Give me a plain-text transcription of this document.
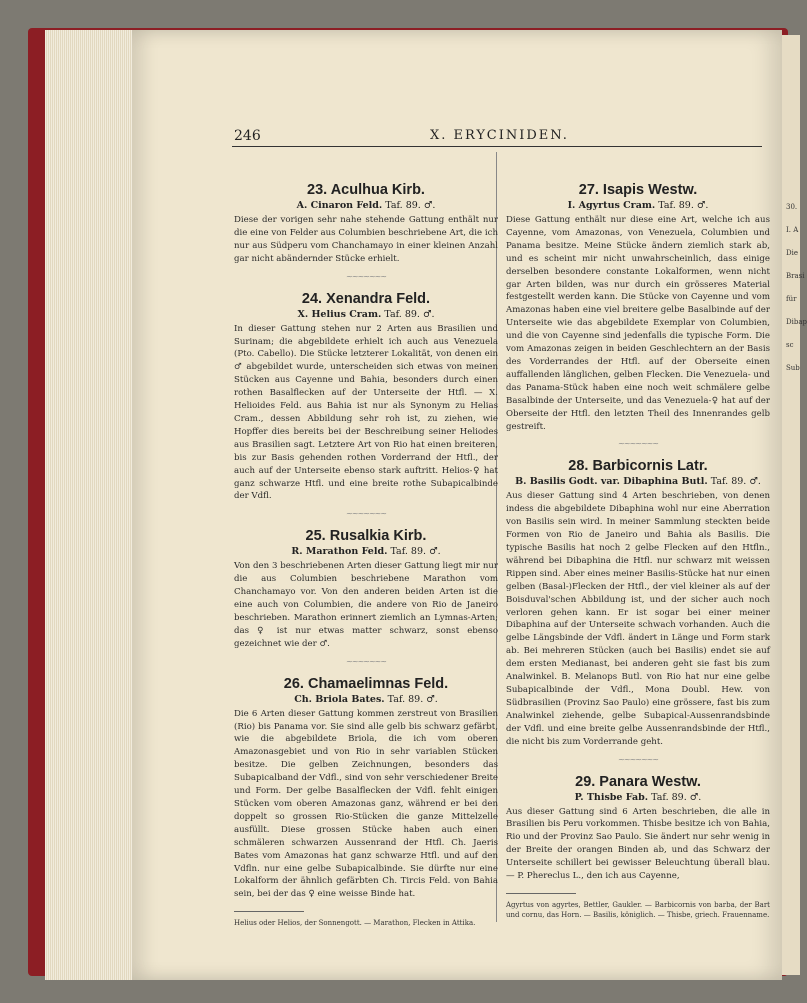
30.
I. A
Die
Brasi
für
Dibap
sc
Sub
246	X. ERYCINIDEN.
23. Aculhua Kirb.

A. Cinaron Feld. Taf. 89. ♂.

Diese der vorigen sehr nahe stehende Gattung enthält nur die eine von Felder aus Columbien beschriebene Art, die ich nur aus Südperu vom Chanchamayo in einer kleinen Anzahl gar nicht abändernder Stücke erhielt.

~~~~~~~
24. Xenandra Feld.

X. Helius Cram. Taf. 89. ♂.

In dieser Gattung stehen nur 2 Arten aus Brasilien und Surinam; die abgebildete erhielt ich auch aus Venezuela (Pto. Cabello). Die Stücke letzterer Lokalität, von denen ein ♂ abgebildet wurde, unterscheiden sich etwas von meinen Stücken aus Cayenne und Bahia, besonders durch einen rothen Basalflecken auf der Unterseite der Htfl. — X. Helioides Feld. aus Bahia ist nur als Synonym zu Helias Cram., dessen Abbildung sehr roh ist, zu ziehen, wie Hopffer dies bereits bei der Beschreibung seiner Heliodes aus Brasilien sagt. Letztere Art von Rio hat einen breiteren, bis zur Basis gehenden rothen Vorderrand der Htfl., der auch auf der Unterseite ebenso stark auftritt. Helios-♀ hat ganz schwarze Htfl. und eine breite rothe Subapicalbinde der Vdfl.

~~~~~~~
25. Rusalkia Kirb.

R. Marathon Feld. Taf. 89. ♂.

Von den 3 beschriebenen Arten dieser Gattung liegt mir nur die aus Columbien beschriebene Marathon vom Chanchamayo vor. Von den anderen beiden Arten ist die eine auch von Columbien, die andere von Rio de Janeiro beschrieben. Marathon erinnert ziemlich an Lymnas-Arten; das ♀ ist nur etwas matter schwarz, sonst ebenso gezeichnet wie der ♂.

~~~~~~~
26. Chamaelimnas Feld.

Ch. Briola Bates. Taf. 89. ♂.

Die 6 Arten dieser Gattung kommen zerstreut von Brasilien (Rio) bis Panama vor. Sie sind alle gelb bis schwarz gefärbt, wie die abgebildete Briola, die ich vom oberen Amazonasgebiet und von Rio in sehr variablen Stücken besitze. Die gelben Zeichnungen, besonders das Subapicalband der Vdfl., sind von sehr verschiedener Breite und Form. Der gelbe Basalflecken der Vdfl. fehlt einigen Stücken vom oberen Amazonas ganz, während er bei den doppelt so grossen Rio-Stücken die ganze Mittelzelle ausfüllt. Diese grossen Stücke haben auch einen schmäleren schwarzen Aussenrand der Htfl. Ch. Jaeris Bates vom Amazonas hat ganz schwarze Htfl. und auf den Vdfln. nur eine gelbe Subapicalbinde. Sie dürfte nur eine Lokalform der ähnlich gefärbten Ch. Tircis Feld. von Bahia sein, bei der das ♀ eine weisse Binde hat.

Helius oder Helios, der Sonnengott. — Marathon, Flecken in Attika.

27. Isapis Westw.

I. Agyrtus Cram. Taf. 89. ♂.

Diese Gattung enthält nur diese eine Art, welche ich aus Cayenne, vom Amazonas, von Venezuela, Columbien und Panama besitze. Meine Stücke ändern ziemlich stark ab, und es scheint mir nicht unwahrscheinlich, dass einige derselben besondere constante Lokalformen, wenn nicht gar Arten bilden, was nur durch ein grösseres Material festgestellt werden kann. Die Stücke von Cayenne und vom Amazonas haben eine viel breitere gelbe Basalbinde auf der Unterseite wie das abgebildete Exemplar von Columbien, und die von Cayenne sind jedenfalls die typische Form. Die vom Amazonas zeigen in beiden Geschlechtern an der Basis des Vorderrandes der Htfl. auf der Oberseite einen auffallenden länglichen, gelben Flecken. Die Venezuela- und das Panama-Stück haben eine noch weit schmälere gelbe Basalbinde der Unterseite, und das Venezuela-♀ hat auf der Oberseite der Htfl. den letzten Theil des Innenrandes gelb gestreift.

~~~~~~~
28. Barbicornis Latr.

B. Basilis Godt. var. Dibaphina Butl. Taf. 89. ♂.

Aus dieser Gattung sind 4 Arten beschrieben, von denen indess die abgebildete Dibaphina wohl nur eine Aberration von Basilis sein wird. In meiner Sammlung steckten beide Formen von Rio de Janeiro und Bahia als Basilis. Die typische Basilis hat noch 2 gelbe Flecken auf den Htfln., während bei Dibaphina die Htfl. nur schwarz mit weissen Rippen sind. Aber eines meiner Basilis-Stücke hat nur einen gelben (Basal-)Flecken der Htfl., der viel kleiner als auf der Boisduval'schen Abbildung ist, und der sicher auch noch verloren gehen kann. Er ist sogar bei einer meiner Dibaphina auf der Unterseite schwach vorhanden. Auch die gelbe Längsbinde der Vdfl. ändert in Länge und Form stark ab. Bei mehreren Stücken (auch bei Basilis) endet sie auf dem ersten Medianast, bei anderen geht sie fast bis zum Analwinkel. B. Melanops Butl. von Rio hat nur eine gelbe Subapicalbinde der Vdfl., Mona Doubl. Hew. von Südbrasilien (Provinz Sao Paulo) eine grössere, fast bis zum Analwinkel ziehende, gelbe Subapical-Aussenrandsbinde der Vdfl. und eine breite gelbe Aussenrandsbinde der Htfl., die nicht bis zum Vorderrande geht.

~~~~~~~
29. Panara Westw.

P. Thisbe Fab. Taf. 89. ♂.

Aus dieser Gattung sind 6 Arten beschrieben, die alle in Brasilien bis Peru vorkommen. Thisbe besitze ich von Bahia, Rio und der Provinz Sao Paulo. Sie ändert nur sehr wenig in der Breite der orangen Binden ab, und das Schwarz der Unterseite schillert bei gewisser Beleuchtung überall blau. — P. Phereclus L., den ich aus Cayenne,

Agyrtus von agyrtes, Bettler, Gaukler. — Barbicornis von barba, der Bart und cornu, das Horn. — Basilis, königlich. — Thisbe, griech. Frauenname.
